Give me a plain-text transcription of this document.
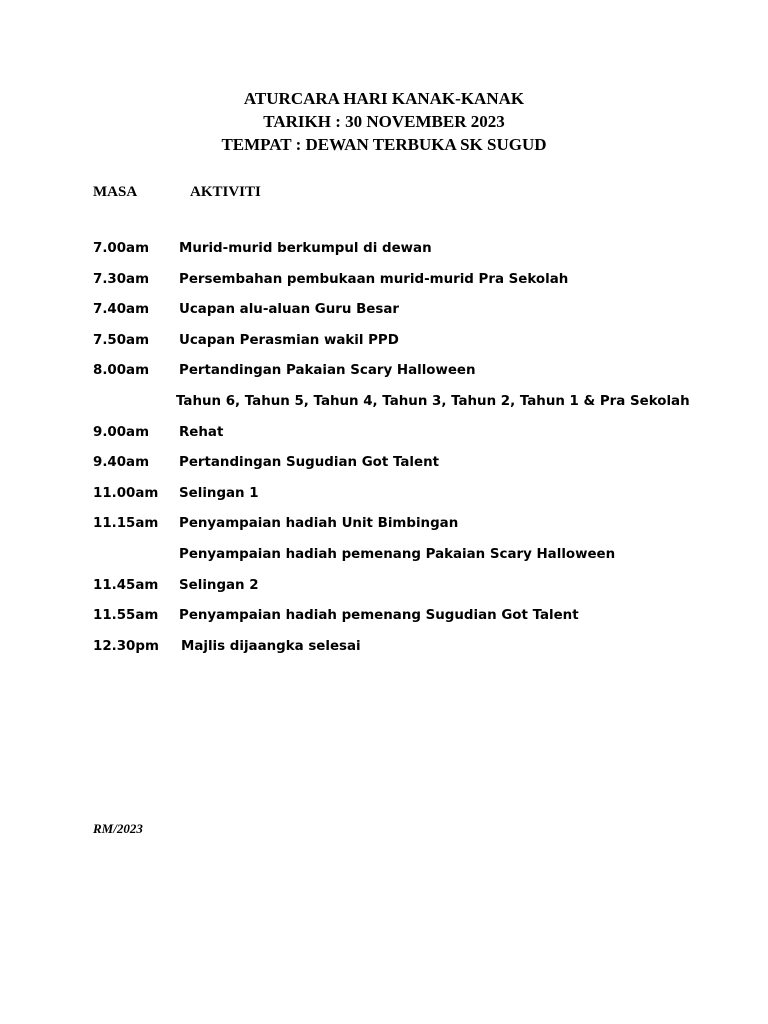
ATURCARA HARI KANAK-KANAK
TARIKH : 30 NOVEMBER 2023
TEMPAT : DEWAN TERBUKA SK SUGUD
MASA	AKTIVITI
7.00am Murid-murid berkumpul di dewan
7.30am Persembahan pembukaan murid-murid Pra Sekolah
7.40am Ucapan alu-aluan Guru Besar
7.50am Ucapan Perasmian wakil PPD
8.00am Pertandingan Pakaian Scary Halloween
Tahun 6, Tahun 5, Tahun 4, Tahun 3, Tahun 2, Tahun 1 & Pra Sekolah
9.00am Rehat
9.40am Pertandingan Sugudian Got Talent
11.00am Selingan 1
11.15am Penyampaian hadiah Unit Bimbingan
Penyampaian hadiah pemenang Pakaian Scary Halloween
11.45am Selingan 2
11.55am Penyampaian hadiah pemenang Sugudian Got Talent
12.30pm Majlis dijaangka selesai
RM/2023
